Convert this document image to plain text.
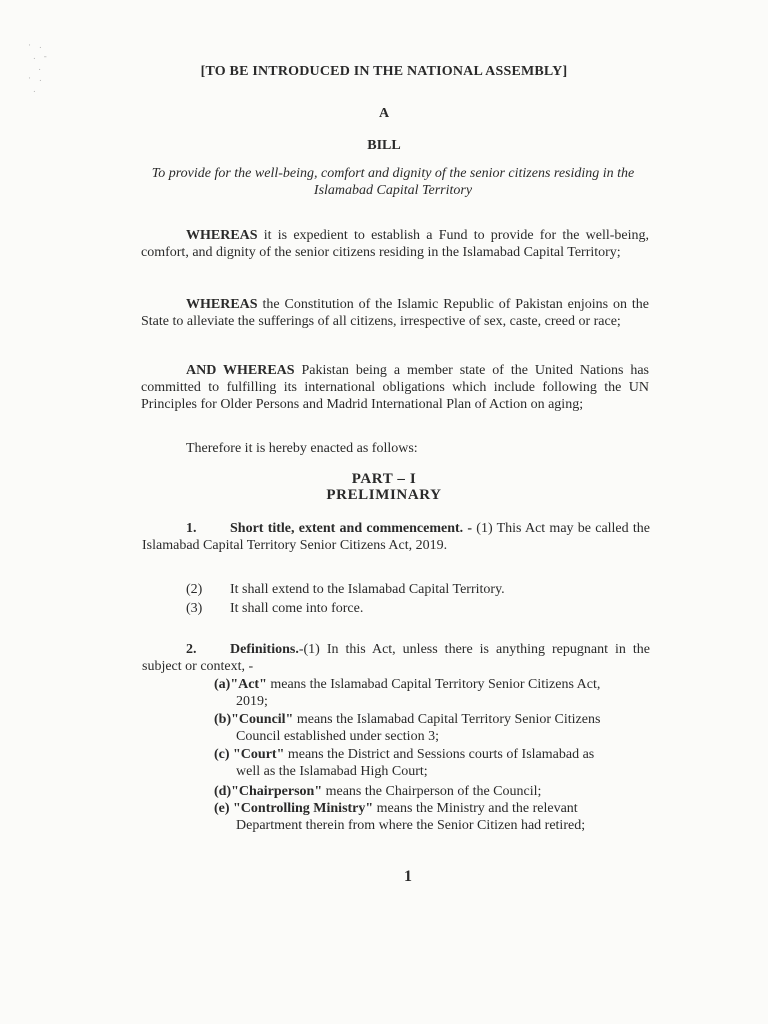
· .
. -
.
· .
.
[TO BE INTRODUCED IN THE NATIONAL ASSEMBLY]
A
BILL
To provide for the well-being, comfort and dignity of the senior citizens residing in the Islamabad Capital Territory
WHEREAS it is expedient to establish a Fund to provide for the well-being, comfort, and dignity of the senior citizens residing in the Islamabad Capital Territory;
WHEREAS the Constitution of the Islamic Republic of Pakistan enjoins on the State to alleviate the sufferings of all citizens, irrespective of sex, caste, creed or race;
AND WHEREAS Pakistan being a member state of the United Nations has committed to fulfilling its international obligations which include following the UN Principles for Older Persons and Madrid International Plan of Action on aging;
Therefore it is hereby enacted as follows:
PART – I
PRELIMINARY
1. Short title, extent and commencement. - (1) This Act may be called the Islamabad Capital Territory Senior Citizens Act, 2019.
(2) It shall extend to the Islamabad Capital Territory.
(3) It shall come into force.
2. Definitions.-(1) In this Act, unless there is anything repugnant in the subject or context, -
(a)"Act" means the Islamabad Capital Territory Senior Citizens Act,
2019;
(b)"Council" means the Islamabad Capital Territory Senior Citizens
Council established under section 3;
(c) "Court" means the District and Sessions courts of Islamabad as
well as the Islamabad High Court;
(d)"Chairperson" means the Chairperson of the Council;
(e) "Controlling Ministry" means the Ministry and the relevant
Department therein from where the Senior Citizen had retired;
1
